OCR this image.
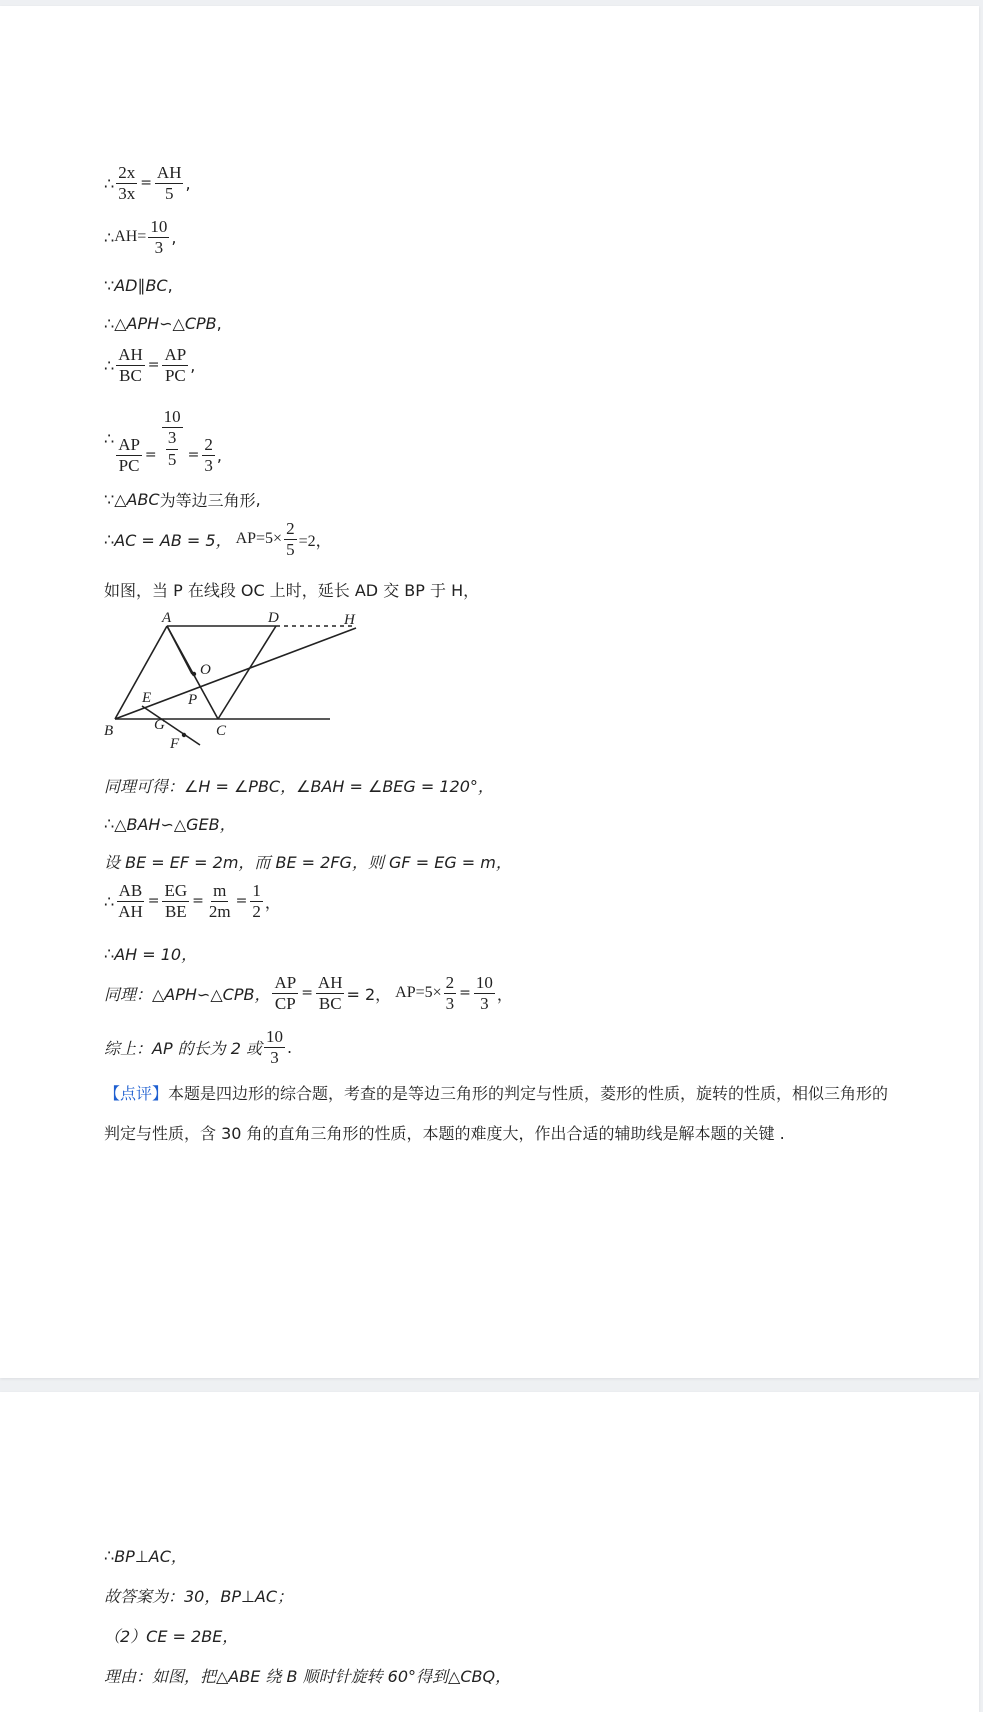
∴ $\frac{2x}{3x} = \frac{AH}{5}$ ,
∴ $AH= \frac{10}{3}$ ,
∵ AD∥BC ,
∴ △APH∽△CPB ,
∴ $\frac{AH}{BC} = \frac{AP}{PC}$ ,
∴ $\frac{AP}{PC} = 10$
3
$5 = \frac{2}{3}$ ,
∵ △ABC 为等边三角形 ,
∴ AC = AB = 5， $AP=5\times \frac{2}{5} =2$，
如图，当 P 在线段 OC 上时，延长 AD 交 BP 于 H，
A	D	H
O
E P
B	G	C
F
同理可得：∠H = ∠PBC，∠BAH = ∠BEG = 120°，
∴ △BAH∽△GEB，
设 BE = EF = 2m，而 BE = 2FG，则 GF = EG = m，
∴ $\frac{AB}{AH} = \frac{EG}{BE} = \frac{m}{2m} = \frac{1}{2}$ ，
∴ AH = 10，
同理：△APH∽△CPB， $\frac{AP}{CP} = \frac{AH}{BC} = 2$， $AP=5\times \frac{2}{3} = \frac{10}{3}$ ，
综上：AP 的长为 2 或 $\frac{10}{3}$ .
【点评】本题是四边形的综合题，考查的是等边三角形的判定与性质，菱形的性质，旋转的性质，相似三角形的判定与性质，含 30 角的直角三角形的性质，本题的难度大，作出合适的辅助线是解本题的关键 .
∴ BP⊥AC，
故答案为：30，BP⊥AC；
（2）CE = 2BE，
理由：如图，把△ABE 绕 B 顺时针旋转 60°得到△CBQ，
